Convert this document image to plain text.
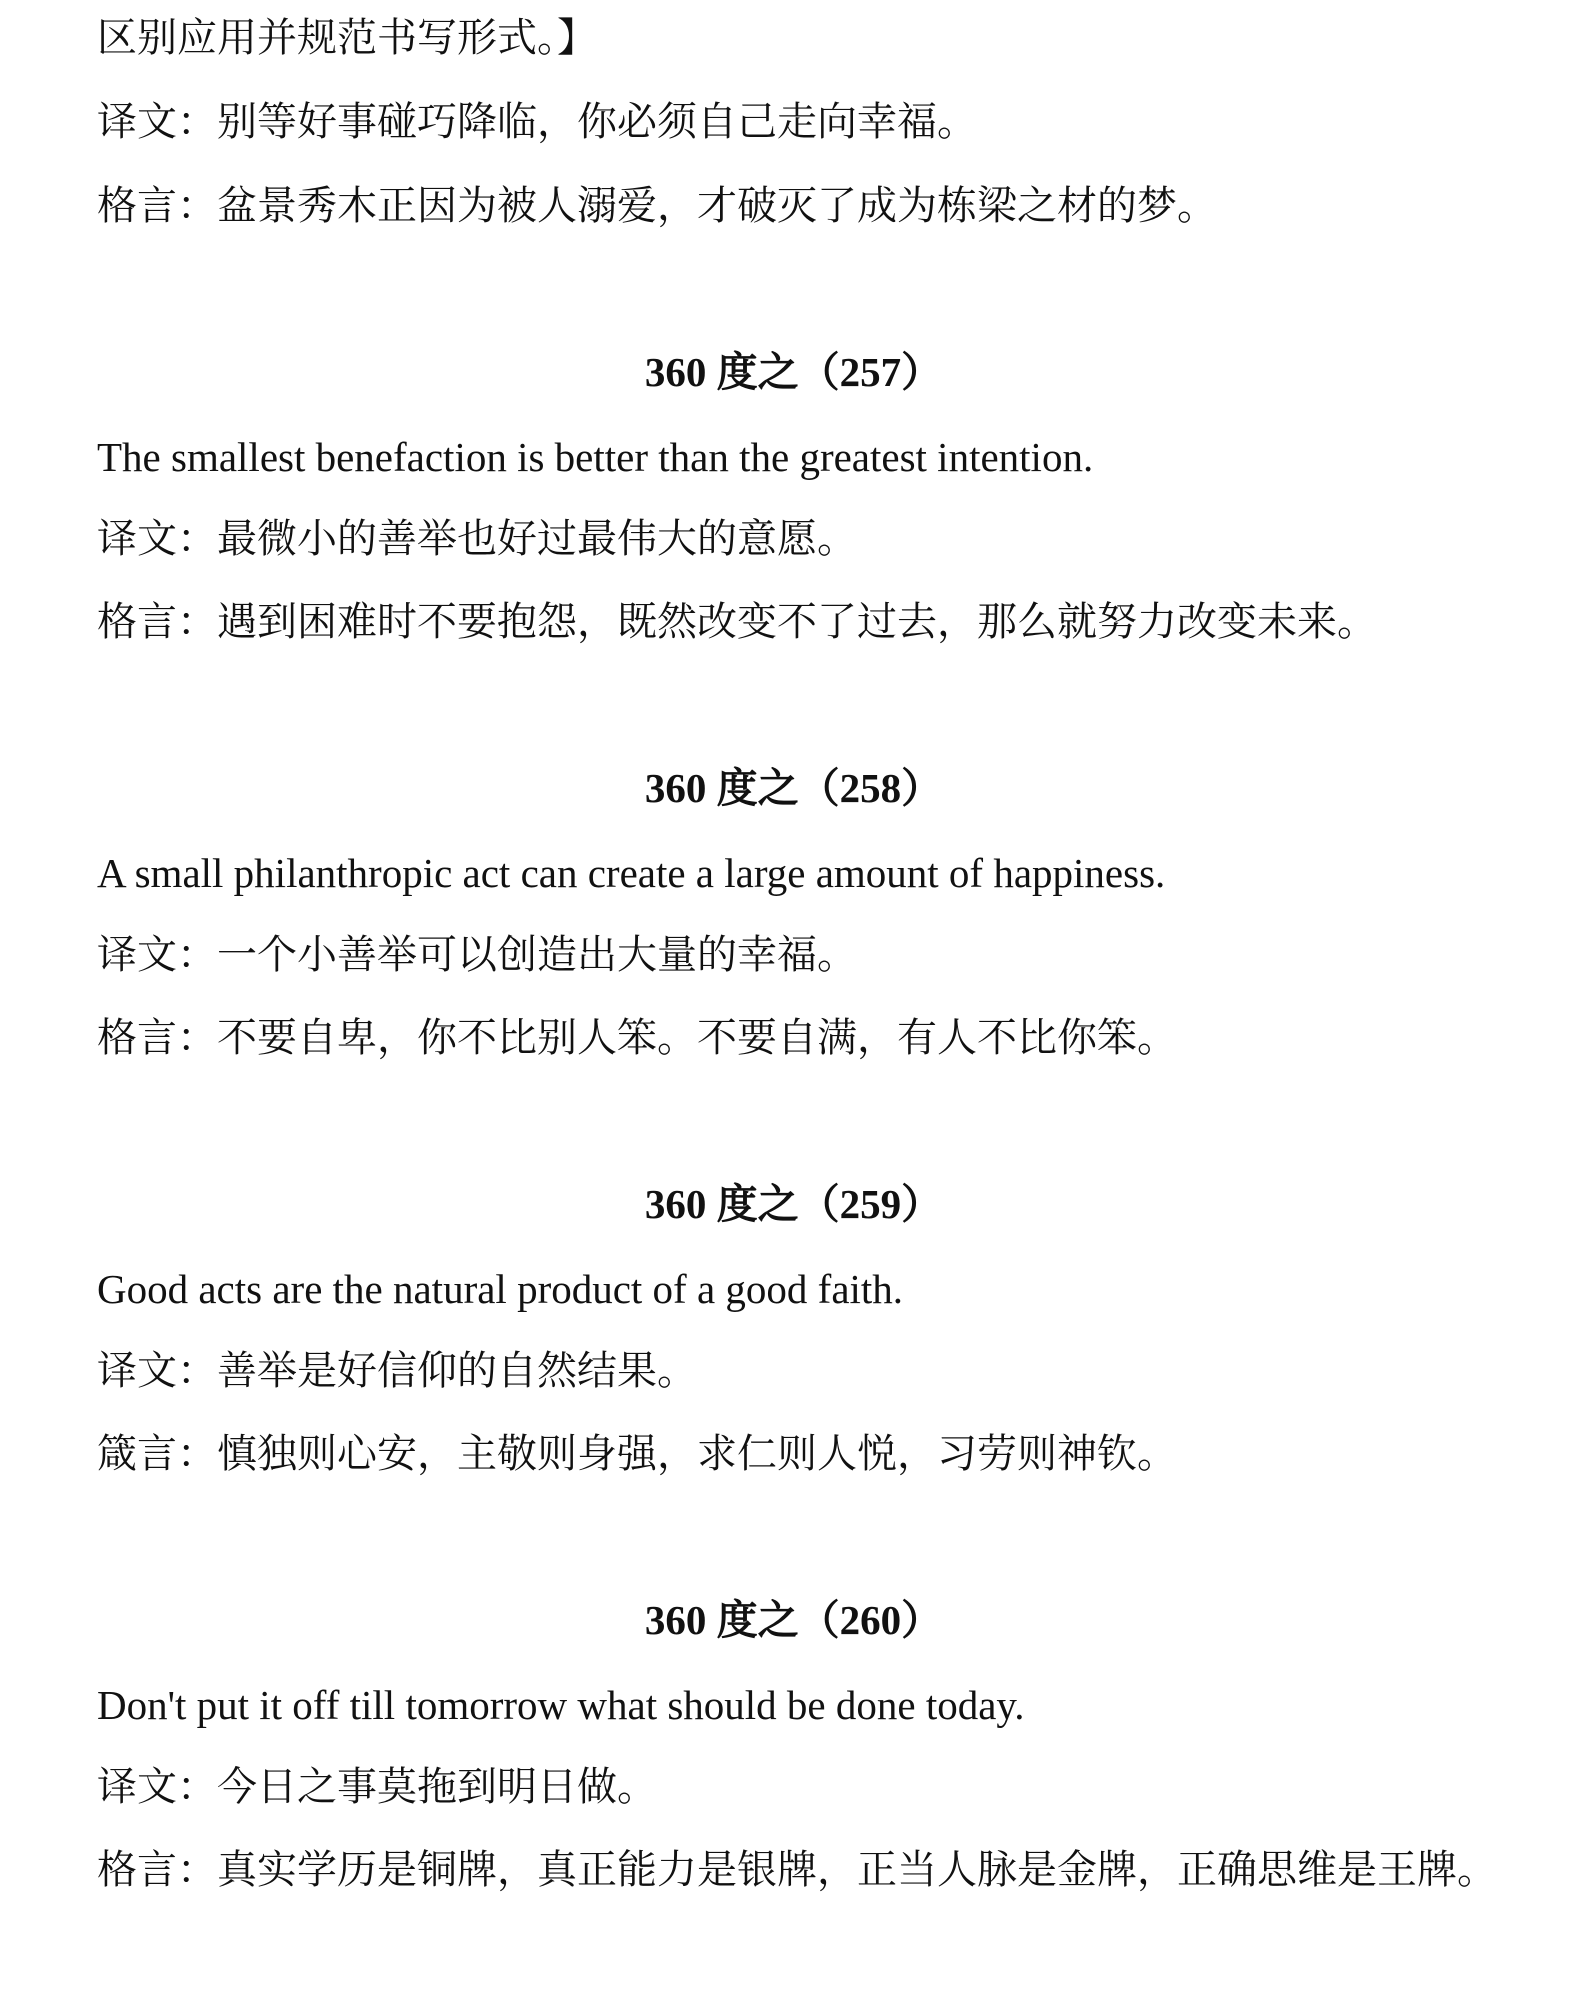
区别应用并规范书写形式。】
译文：别等好事碰巧降临，你必须自己走向幸福。
格言：盆景秀木正因为被人溺爱，才破灭了成为栋梁之材的梦。
360 度之（257）
The smallest benefaction is better than the greatest intention.
译文：最微小的善举也好过最伟大的意愿。
格言：遇到困难时不要抱怨，既然改变不了过去，那么就努力改变未来。
360 度之（258）
A small philanthropic act can create a large amount of happiness.
译文：一个小善举可以创造出大量的幸福。
格言：不要自卑，你不比别人笨。不要自满，有人不比你笨。
360 度之（259）
Good acts are the natural product of a good faith.
译文：善举是好信仰的自然结果。
箴言：慎独则心安，主敬则身强，求仁则人悦，习劳则神钦。
360 度之（260）
Don't put it off till tomorrow what should be done today.
译文：今日之事莫拖到明日做。
格言：真实学历是铜牌，真正能力是银牌，正当人脉是金牌，正确思维是王牌。
